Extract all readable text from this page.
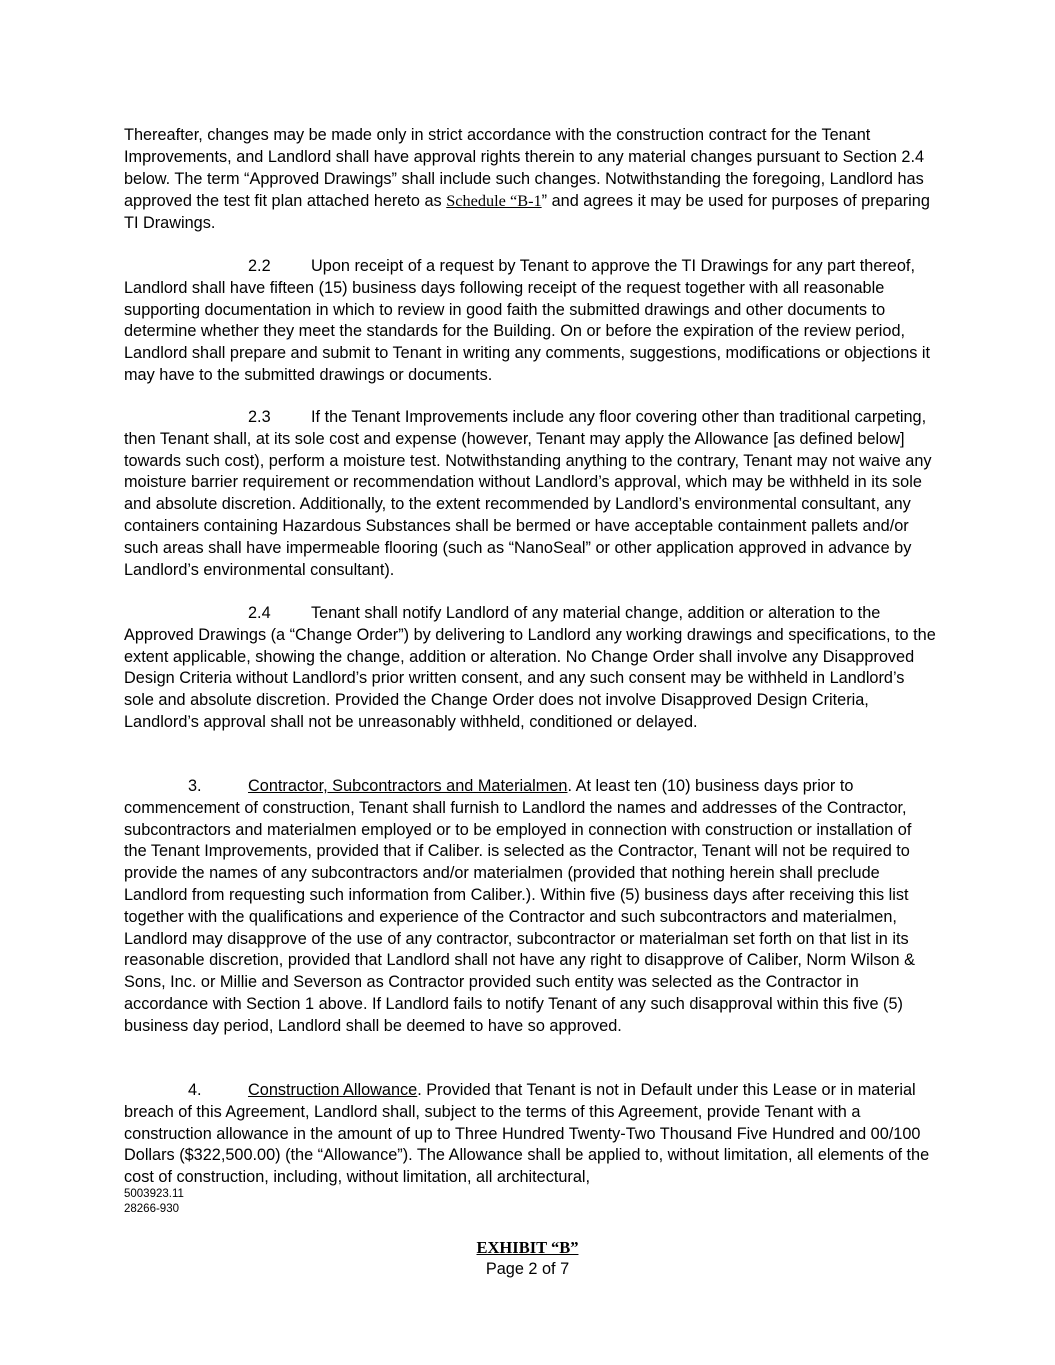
Thereafter, changes may be made only in strict accordance with the construction contract for the Tenant Improvements, and Landlord shall have approval rights therein to any material changes pursuant to Section 2.4 below. The term “Approved Drawings” shall include such changes. Notwithstanding the foregoing, Landlord has approved the test fit plan attached hereto as Schedule “B-1” and agrees it may be used for purposes of preparing TI Drawings.

2.2 Upon receipt of a request by Tenant to approve the TI Drawings for any part thereof, Landlord shall have fifteen (15) business days following receipt of the request together with all reasonable supporting documentation in which to review in good faith the submitted drawings and other documents to determine whether they meet the standards for the Building. On or before the expiration of the review period, Landlord shall prepare and submit to Tenant in writing any comments, suggestions, modifications or objections it may have to the submitted drawings or documents.

2.3 If the Tenant Improvements include any floor covering other than traditional carpeting, then Tenant shall, at its sole cost and expense (however, Tenant may apply the Allowance [as defined below] towards such cost), perform a moisture test. Notwithstanding anything to the contrary, Tenant may not waive any moisture barrier requirement or recommendation without Landlord’s approval, which may be withheld in its sole and absolute discretion. Additionally, to the extent recommended by Landlord’s environmental consultant, any containers containing Hazardous Substances shall be bermed or have acceptable containment pallets and/or such areas shall have impermeable flooring (such as “NanoSeal” or other application approved in advance by Landlord’s environmental consultant).

2.4 Tenant shall notify Landlord of any material change, addition or alteration to the Approved Drawings (a “Change Order”) by delivering to Landlord any working drawings and specifications, to the extent applicable, showing the change, addition or alteration. No Change Order shall involve any Disapproved Design Criteria without Landlord’s prior written consent, and any such consent may be withheld in Landlord’s sole and absolute discretion. Provided the Change Order does not involve Disapproved Design Criteria, Landlord’s approval shall not be unreasonably withheld, conditioned or delayed.

3.	Contractor, Subcontractors and Materialmen. At least ten (10) business days prior to commencement of construction, Tenant shall furnish to Landlord the names and addresses of the Contractor, subcontractors and materialmen employed or to be employed in connection with construction or installation of the Tenant Improvements, provided that if Caliber. is selected as the Contractor, Tenant will not be required to provide the names of any subcontractors and/or materialmen (provided that nothing herein shall preclude Landlord from requesting such information from Caliber.). Within five (5) business days after receiving this list together with the qualifications and experience of the Contractor and such subcontractors and materialmen, Landlord may disapprove of the use of any contractor, subcontractor or materialman set forth on that list in its reasonable discretion, provided that Landlord shall not have any right to disapprove of Caliber, Norm Wilson & Sons, Inc. or Millie and Severson as Contractor provided such entity was selected as the Contractor in accordance with Section 1 above. If Landlord fails to notify Tenant of any such disapproval within this five (5) business day period, Landlord shall be deemed to have so approved.

4.	Construction Allowance. Provided that Tenant is not in Default under this Lease or in material breach of this Agreement, Landlord shall, subject to the terms of this Agreement, provide Tenant with a construction allowance in the amount of up to Three Hundred Twenty-Two Thousand Five Hundred and 00/100 Dollars ($322,500.00) (the “Allowance”). The Allowance shall be applied to, without limitation, all elements of the cost of construction, including, without limitation, all architectural,

5003923.11
28266-930
EXHIBIT “B”
Page 2 of 7
